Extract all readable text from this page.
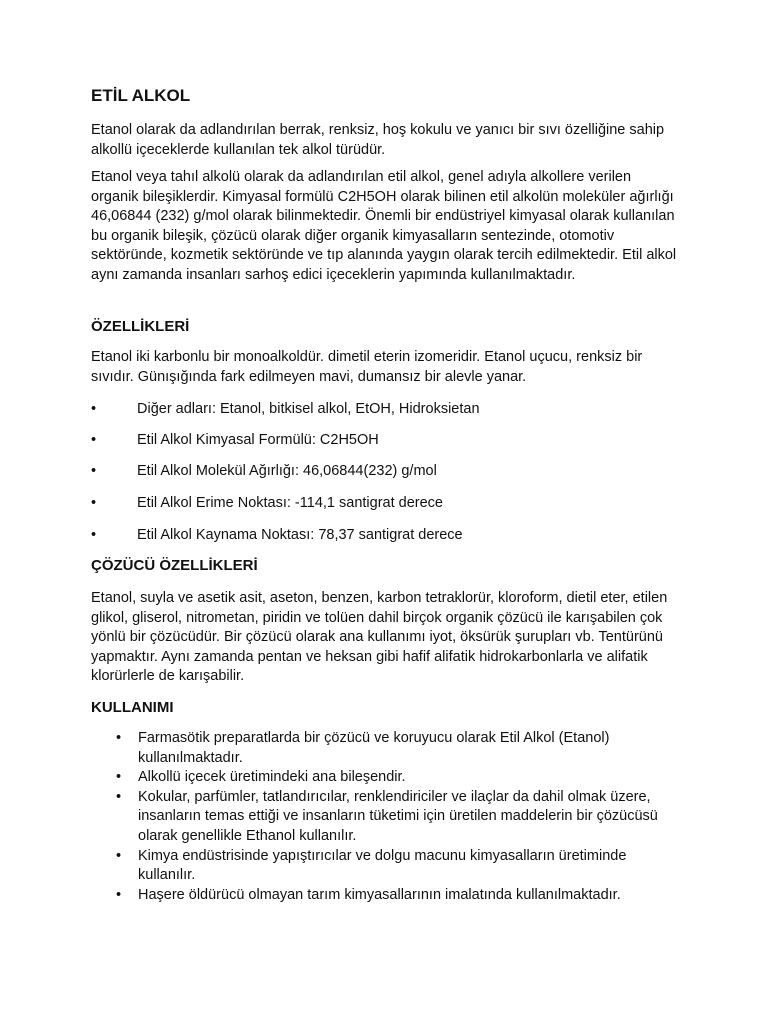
ETİL ALKOL

Etanol olarak da adlandırılan berrak, renksiz, hoş kokulu ve yanıcı bir sıvı özelliğine sahip alkollü içeceklerde kullanılan tek alkol türüdür.

Etanol veya tahıl alkolü olarak da adlandırılan etil alkol, genel adıyla alkollere verilen organik bileşiklerdir. Kimyasal formülü C2H5OH olarak bilinen etil alkolün moleküler ağırlığı 46,06844 (232) g/mol olarak bilinmektedir. Önemli bir endüstriyel kimyasal olarak kullanılan bu organik bileşik, çözücü olarak diğer organik kimyasalların sentezinde, otomotiv sektöründe, kozmetik sektöründe ve tıp alanında yaygın olarak tercih edilmektedir. Etil alkol aynı zamanda insanları sarhoş edici içeceklerin yapımında kullanılmaktadır.

ÖZELLİKLERİ

Etanol iki karbonlu bir monoalkoldür. dimetil eterin izomeridir. Etanol uçucu, renksiz bir sıvıdır. Günışığında fark edilmeyen mavi, dumansız bir alevle yanar.

•	Diğer adları: Etanol, bitkisel alkol, EtOH, Hidroksietan
•	Etil Alkol Kimyasal Formülü: C2H5OH
•	Etil Alkol Molekül Ağırlığı: 46,06844(232) g/mol
•	Etil Alkol Erime Noktası: -114,1 santigrat derece
•	Etil Alkol Kaynama Noktası: 78,37 santigrat derece
ÇÖZÜCÜ ÖZELLİKLERİ

Etanol, suyla ve asetik asit, aseton, benzen, karbon tetraklorür, kloroform, dietil eter, etilen glikol, gliserol, nitrometan, piridin ve tolüen dahil birçok organik çözücü ile karışabilen çok yönlü bir çözücüdür. Bir çözücü olarak ana kullanımı iyot, öksürük şurupları vb. Tentürünü yapmaktır. Aynı zamanda pentan ve heksan gibi hafif alifatik hidrokarbonlarla ve alifatik klorürlerle de karışabilir.

KULLANIMI
• Farmasötik preparatlarda bir çözücü ve koruyucu olarak Etil Alkol (Etanol) kullanılmaktadır.
• Alkollü içecek üretimindeki ana bileşendir.
• Kokular, parfümler, tatlandırıcılar, renklendiriciler ve ilaçlar da dahil olmak üzere, insanların temas ettiği ve insanların tüketimi için üretilen maddelerin bir çözücüsü olarak genellikle Ethanol kullanılır.
• Kimya endüstrisinde yapıştırıcılar ve dolgu macunu kimyasalların üretiminde kullanılır.
• Haşere öldürücü olmayan tarım kimyasallarının imalatında kullanılmaktadır.
